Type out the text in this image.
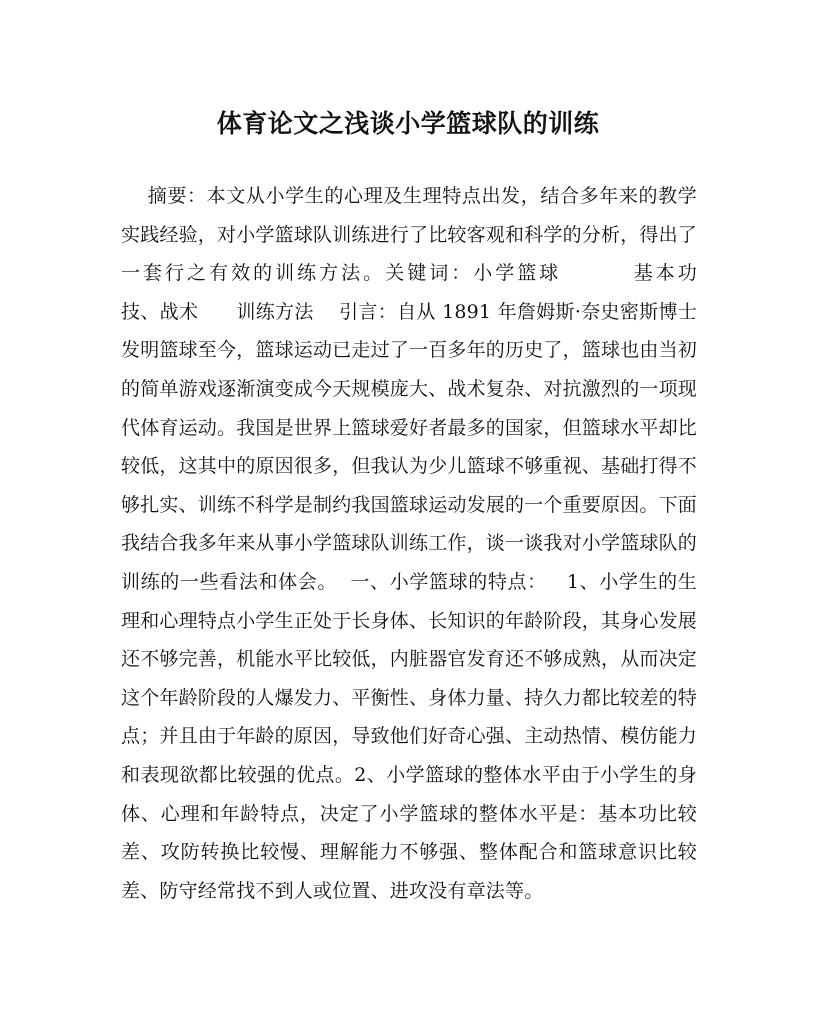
体育论文之浅谈小学篮球队的训练

摘要：本文从小学生的心理及生理特点出发，结合多年来的教学实践经验，对小学篮球队训练进行了比较客观和科学的分析，得出了一套行之有效的训练方法。关键词：小学篮球        基本功        技、战术      训练方法    引言：自从 1891 年詹姆斯·奈史密斯博士发明篮球至今，篮球运动已走过了一百多年的历史了，篮球也由当初的简单游戏逐渐演变成今天规模庞大、战术复杂、对抗激烈的一项现代体育运动。我国是世界上篮球爱好者最多的国家，但篮球水平却比较低，这其中的原因很多，但我认为少儿篮球不够重视、基础打得不够扎实、训练不科学是制约我国篮球运动发展的一个重要原因。下面我结合我多年来从事小学篮球队训练工作，谈一谈我对小学篮球队的训练的一些看法和体会。  一、小学篮球的特点：   1、小学生的生理和心理特点小学生正处于长身体、长知识的年龄阶段，其身心发展还不够完善，机能水平比较低，内脏器官发育还不够成熟，从而决定这个年龄阶段的人爆发力、平衡性、身体力量、持久力都比较差的特点；并且由于年龄的原因，导致他们好奇心强、主动热情、模仿能力和表现欲都比较强的优点。2、小学篮球的整体水平由于小学生的身体、心理和年龄特点，决定了小学篮球的整体水平是：基本功比较差、攻防转换比较慢、理解能力不够强、整体配合和篮球意识比较差、防守经常找不到人或位置、进攻没有章法等。
